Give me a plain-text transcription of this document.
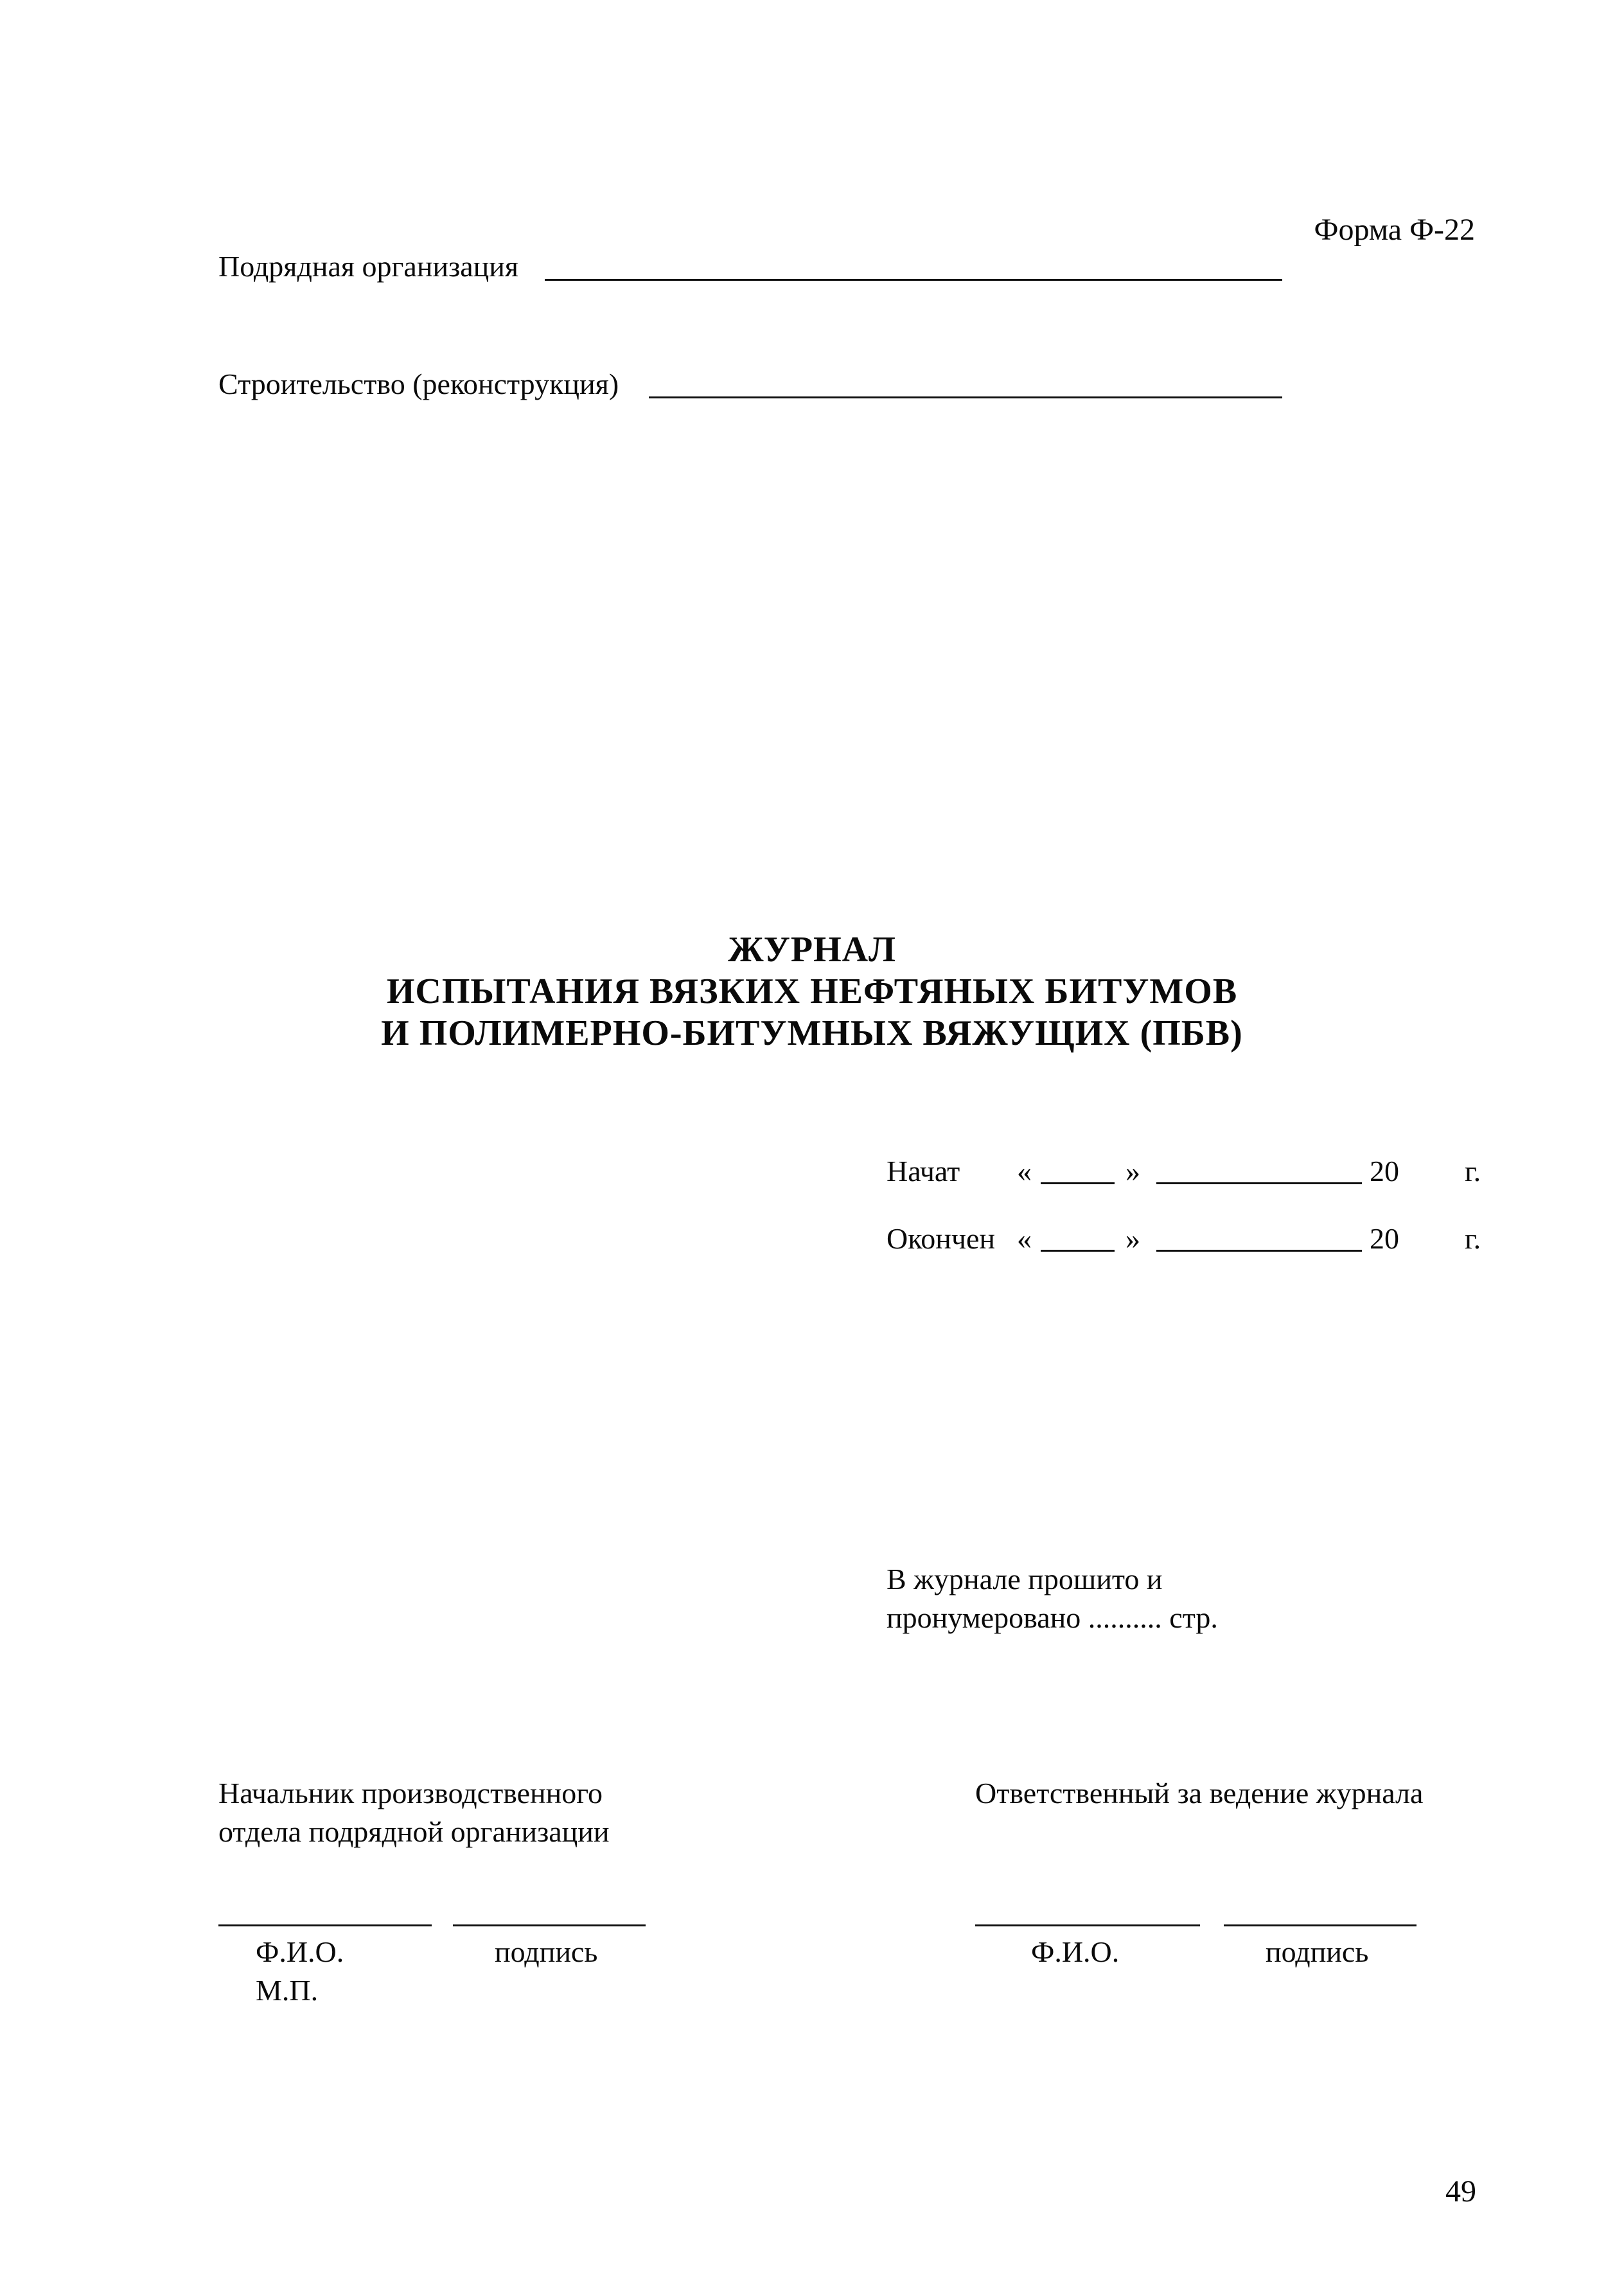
Форма Ф-22
Подрядная организация
Строительство (реконструкция)
ЖУРНАЛ
ИСПЫТАНИЯ ВЯЗКИХ НЕФТЯНЫХ БИТУМОВ
И ПОЛИМЕРНО-БИТУМНЫХ ВЯЖУЩИХ (ПБВ)
Начат «	»	20 г.
Окончен «	»	20 г.
В журнале прошито и
пронумеровано .......... стр.
Начальник производственного
отдела подрядной организации
Ф.И.О.	подпись
М.П.
Ответственный за ведение журнала
Ф.И.О.	подпись
49
